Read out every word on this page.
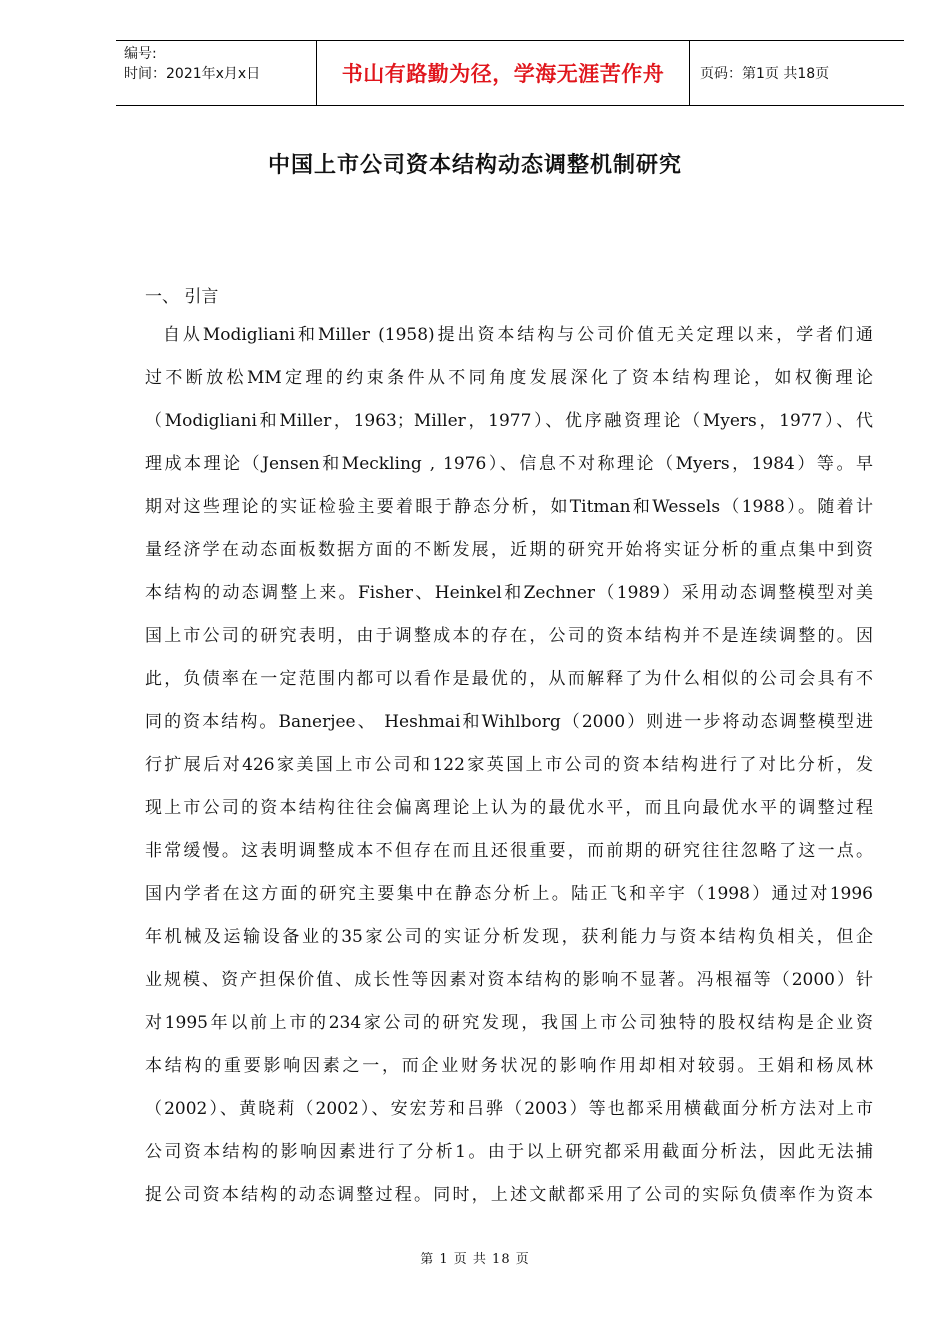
编号:
时间：2021年x月x日	书山有路勤为径，学海无涯苦作舟	页码：第1页 共18页
中国上市公司资本结构动态调整机制研究
一、 引言
自从Modigliani和Miller (1958)提出资本结构与公司价值无关定理以来，学者们通
过不断放松MM定理的约束条件从不同角度发展深化了资本结构理论，如权衡理论
（Modigliani和Miller，1963；Miller，1977）、优序融资理论（Myers，1977）、代
理成本理论（Jensen和Meckling , 1976）、信息不对称理论（Myers，1984）等。早
期对这些理论的实证检验主要着眼于静态分析，如Titman和Wessels（1988）。随着计
量经济学在动态面板数据方面的不断发展，近期的研究开始将实证分析的重点集中到资
本结构的动态调整上来。Fisher、Heinkel和Zechner（1989）采用动态调整模型对美
国上市公司的研究表明，由于调整成本的存在，公司的资本结构并不是连续调整的。因
此，负债率在一定范围内都可以看作是最优的，从而解释了为什么相似的公司会具有不
同的资本结构。Banerjee、 Heshmai和Wihlborg（2000）则进一步将动态调整模型进
行扩展后对426家美国上市公司和122家英国上市公司的资本结构进行了对比分析，发
现上市公司的资本结构往往会偏离理论上认为的最优水平，而且向最优水平的调整过程
非常缓慢。这表明调整成本不但存在而且还很重要，而前期的研究往往忽略了这一点。
国内学者在这方面的研究主要集中在静态分析上。陆正飞和辛宇（1998）通过对1996
年机械及运输设备业的35家公司的实证分析发现，获利能力与资本结构负相关，但企
业规模、资产担保价值、成长性等因素对资本结构的影响不显著。冯根福等（2000）针
对1995年以前上市的234家公司的研究发现，我国上市公司独特的股权结构是企业资
本结构的重要影响因素之一，而企业财务状况的影响作用却相对较弱。王娟和杨凤林
（2002）、黄晓莉（2002）、安宏芳和吕骅（2003）等也都采用横截面分析方法对上市
公司资本结构的影响因素进行了分析1。由于以上研究都采用截面分析法，因此无法捕
捉公司资本结构的动态调整过程。同时，上述文献都采用了公司的实际负债率作为资本
第 1 页 共 18 页
